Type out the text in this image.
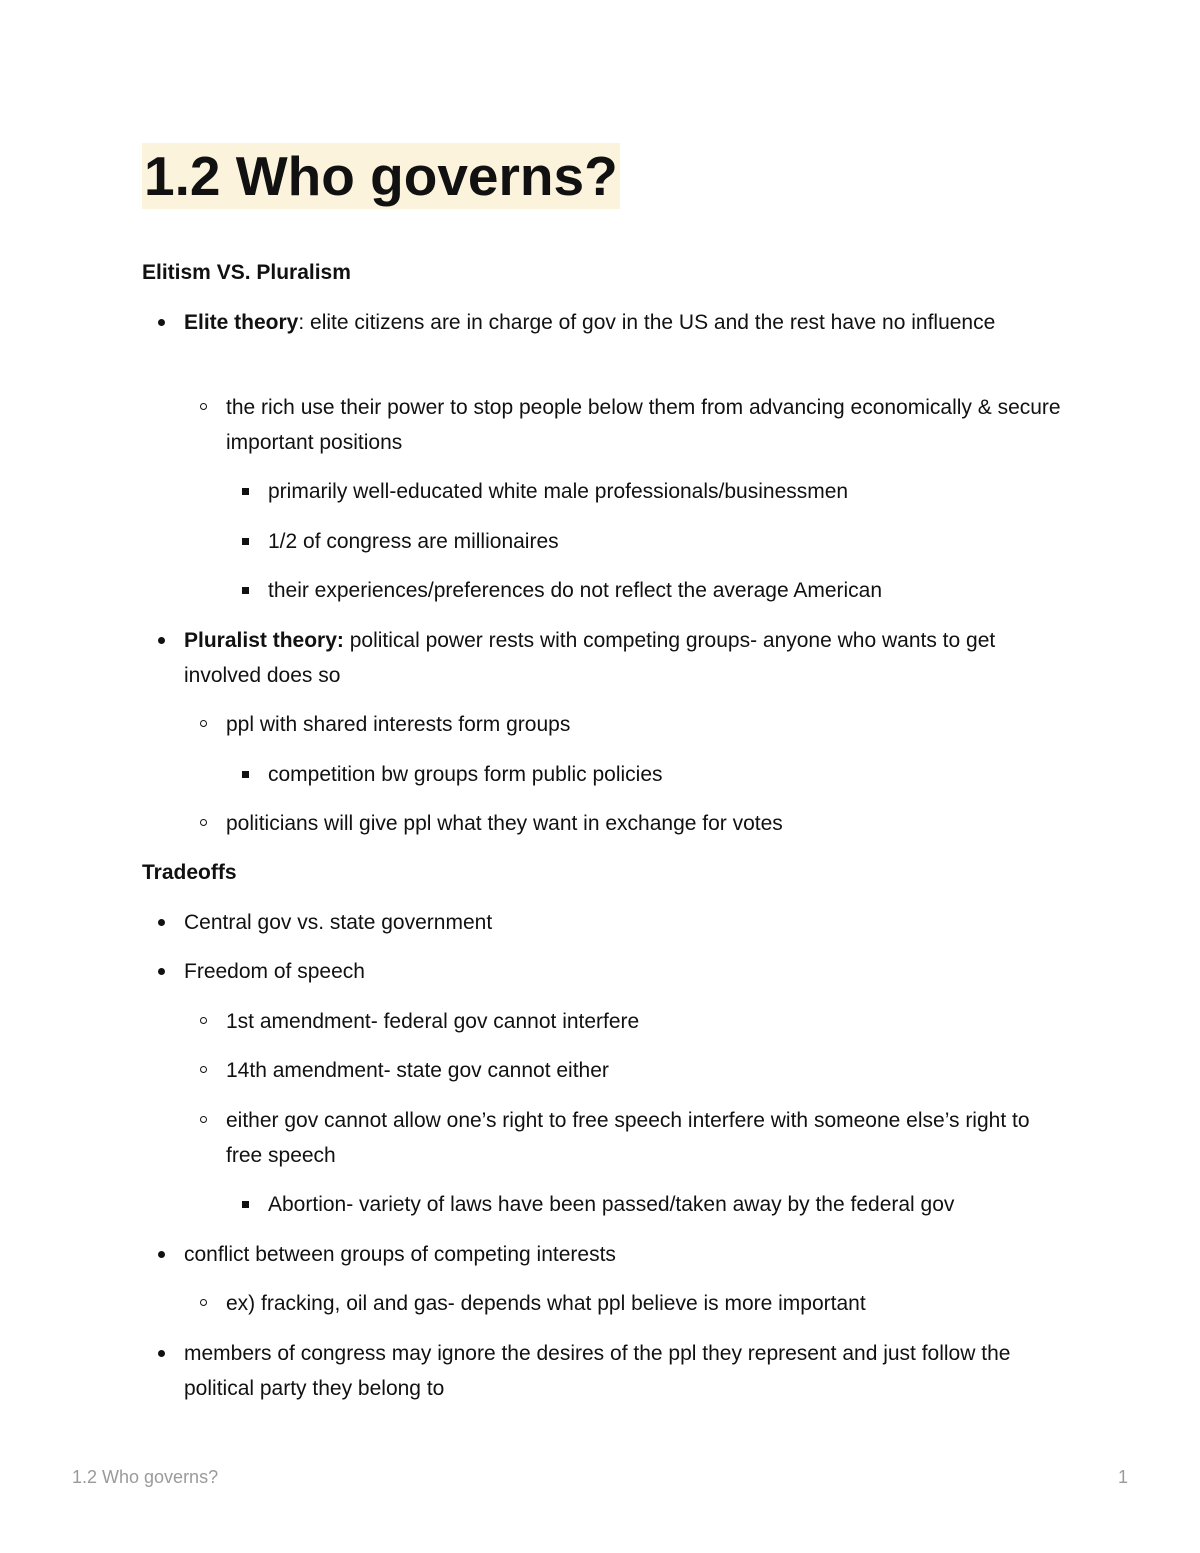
1.2 Who governs?
Elitism VS. Pluralism
Elite theory: elite citizens are in charge of gov in the US and the rest have no influence
the rich use their power to stop people below them from advancing economically & secure important positions
primarily well-educated white male professionals/businessmen
1/2 of congress are millionaires
their experiences/preferences do not reflect the average American
Pluralist theory: political power rests with competing groups- anyone who wants to get involved does so
ppl with shared interests form groups
competition bw groups form public policies
politicians will give ppl what they want in exchange for votes
Tradeoffs
Central gov vs. state government
Freedom of speech
1st amendment- federal gov cannot interfere
14th amendment- state gov cannot either
either gov cannot allow one’s right to free speech interfere with someone else’s right to free speech
Abortion- variety of laws have been passed/taken away by the federal gov
conflict between groups of competing interests
ex) fracking, oil and gas- depends what ppl believe is more important
members of congress may ignore the desires of the ppl they represent and just follow the political party they belong to
1.2 Who governs?	1
